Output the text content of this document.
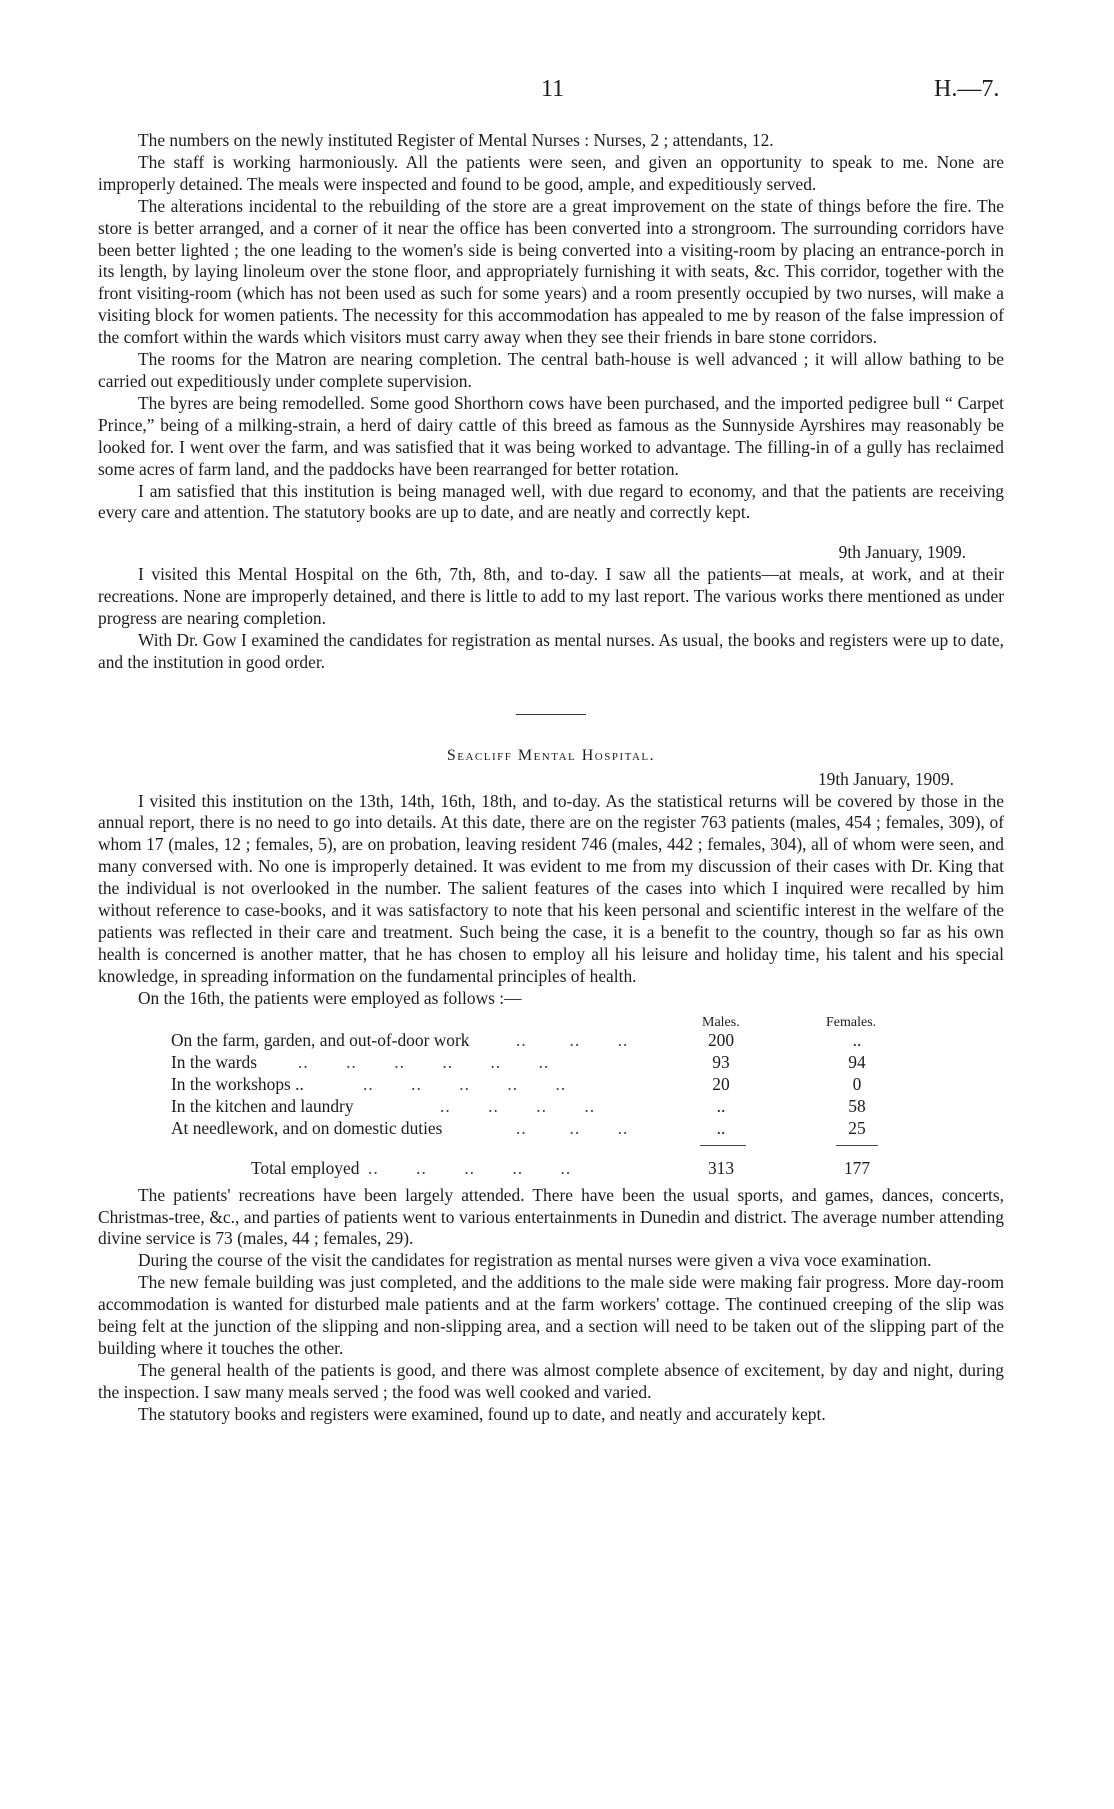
11	H.—7.

The numbers on the newly instituted Register of Mental Nurses : Nurses, 2 ; attendants, 12.

The staff is working harmoniously. All the patients were seen, and given an opportunity to speak to me. None are improperly detained. The meals were inspected and found to be good, ample, and expeditiously served.

The alterations incidental to the rebuilding of the store are a great improvement on the state of things before the fire. The store is better arranged, and a corner of it near the office has been converted into a strongroom. The surrounding corridors have been better lighted ; the one leading to the women's side is being converted into a visiting-room by placing an entrance-porch in its length, by laying linoleum over the stone floor, and appropriately furnishing it with seats, &c. This corridor, together with the front visiting-room (which has not been used as such for some years) and a room presently occupied by two nurses, will make a visiting block for women patients. The necessity for this accommodation has appealed to me by reason of the false impression of the comfort within the wards which visitors must carry away when they see their friends in bare stone corridors.

The rooms for the Matron are nearing completion. The central bath-house is well advanced ; it will allow bathing to be carried out expeditiously under complete supervision.

The byres are being remodelled. Some good Shorthorn cows have been purchased, and the imported pedigree bull “ Carpet Prince,” being of a milking-strain, a herd of dairy cattle of this breed as famous as the Sunnyside Ayrshires may reasonably be looked for. I went over the farm, and was satisfied that it was being worked to advantage. The filling-in of a gully has reclaimed some acres of farm land, and the paddocks have been rearranged for better rotation.

I am satisfied that this institution is being managed well, with due regard to economy, and that the patients are receiving every care and attention. The statutory books are up to date, and are neatly and correctly kept.

9th January, 1909.

I visited this Mental Hospital on the 6th, 7th, 8th, and to-day. I saw all the patients—at meals, at work, and at their recreations. None are improperly detained, and there is little to add to my last report. The various works there mentioned as under progress are nearing completion.

With Dr. Gow I examined the candidates for registration as mental nurses. As usual, the books and registers were up to date, and the institution in good order.

Seacliff Mental Hospital.
19th January, 1909.

I visited this institution on the 13th, 14th, 16th, 18th, and to-day. As the statistical returns will be covered by those in the annual report, there is no need to go into details. At this date, there are on the register 763 patients (males, 454 ; females, 309), of whom 17 (males, 12 ; females, 5), are on probation, leaving resident 746 (males, 442 ; females, 304), all of whom were seen, and many conversed with. No one is improperly detained. It was evident to me from my discussion of their cases with Dr. King that the individual is not overlooked in the number. The salient features of the cases into which I inquired were recalled by him without reference to case-books, and it was satisfactory to note that his keen personal and scientific interest in the welfare of the patients was reflected in their care and treatment. Such being the case, it is a benefit to the country, though so far as his own health is concerned is another matter, that he has chosen to employ all his leisure and holiday time, his talent and his special knowledge, in spreading information on the fundamental principles of health.

On the 16th, the patients were employed as follows :—

Males.	Females.
On the farm, garden, and out-of-door work	..        ..       ..	200	..
In the wards ..       ..       ..       ..       ..       ..	93	94
In the workshops ..	..       ..       ..       ..       ..	20	0
In the kitchen and laundry	..       ..       ..       ..	..	58
At needlework, and on domestic duties	..        ..       ..	..	25
Total employed ..       ..       ..       ..       ..	313	177

The patients' recreations have been largely attended. There have been the usual sports, and games, dances, concerts, Christmas-tree, &c., and parties of patients went to various entertainments in Dunedin and district. The average number attending divine service is 73 (males, 44 ; females, 29).

During the course of the visit the candidates for registration as mental nurses were given a viva voce examination.

The new female building was just completed, and the additions to the male side were making fair progress. More day-room accommodation is wanted for disturbed male patients and at the farm workers' cottage. The continued creeping of the slip was being felt at the junction of the slipping and non-slipping area, and a section will need to be taken out of the slipping part of the building where it touches the other.

The general health of the patients is good, and there was almost complete absence of excitement, by day and night, during the inspection. I saw many meals served ; the food was well cooked and varied.

The statutory books and registers were examined, found up to date, and neatly and accurately kept.
